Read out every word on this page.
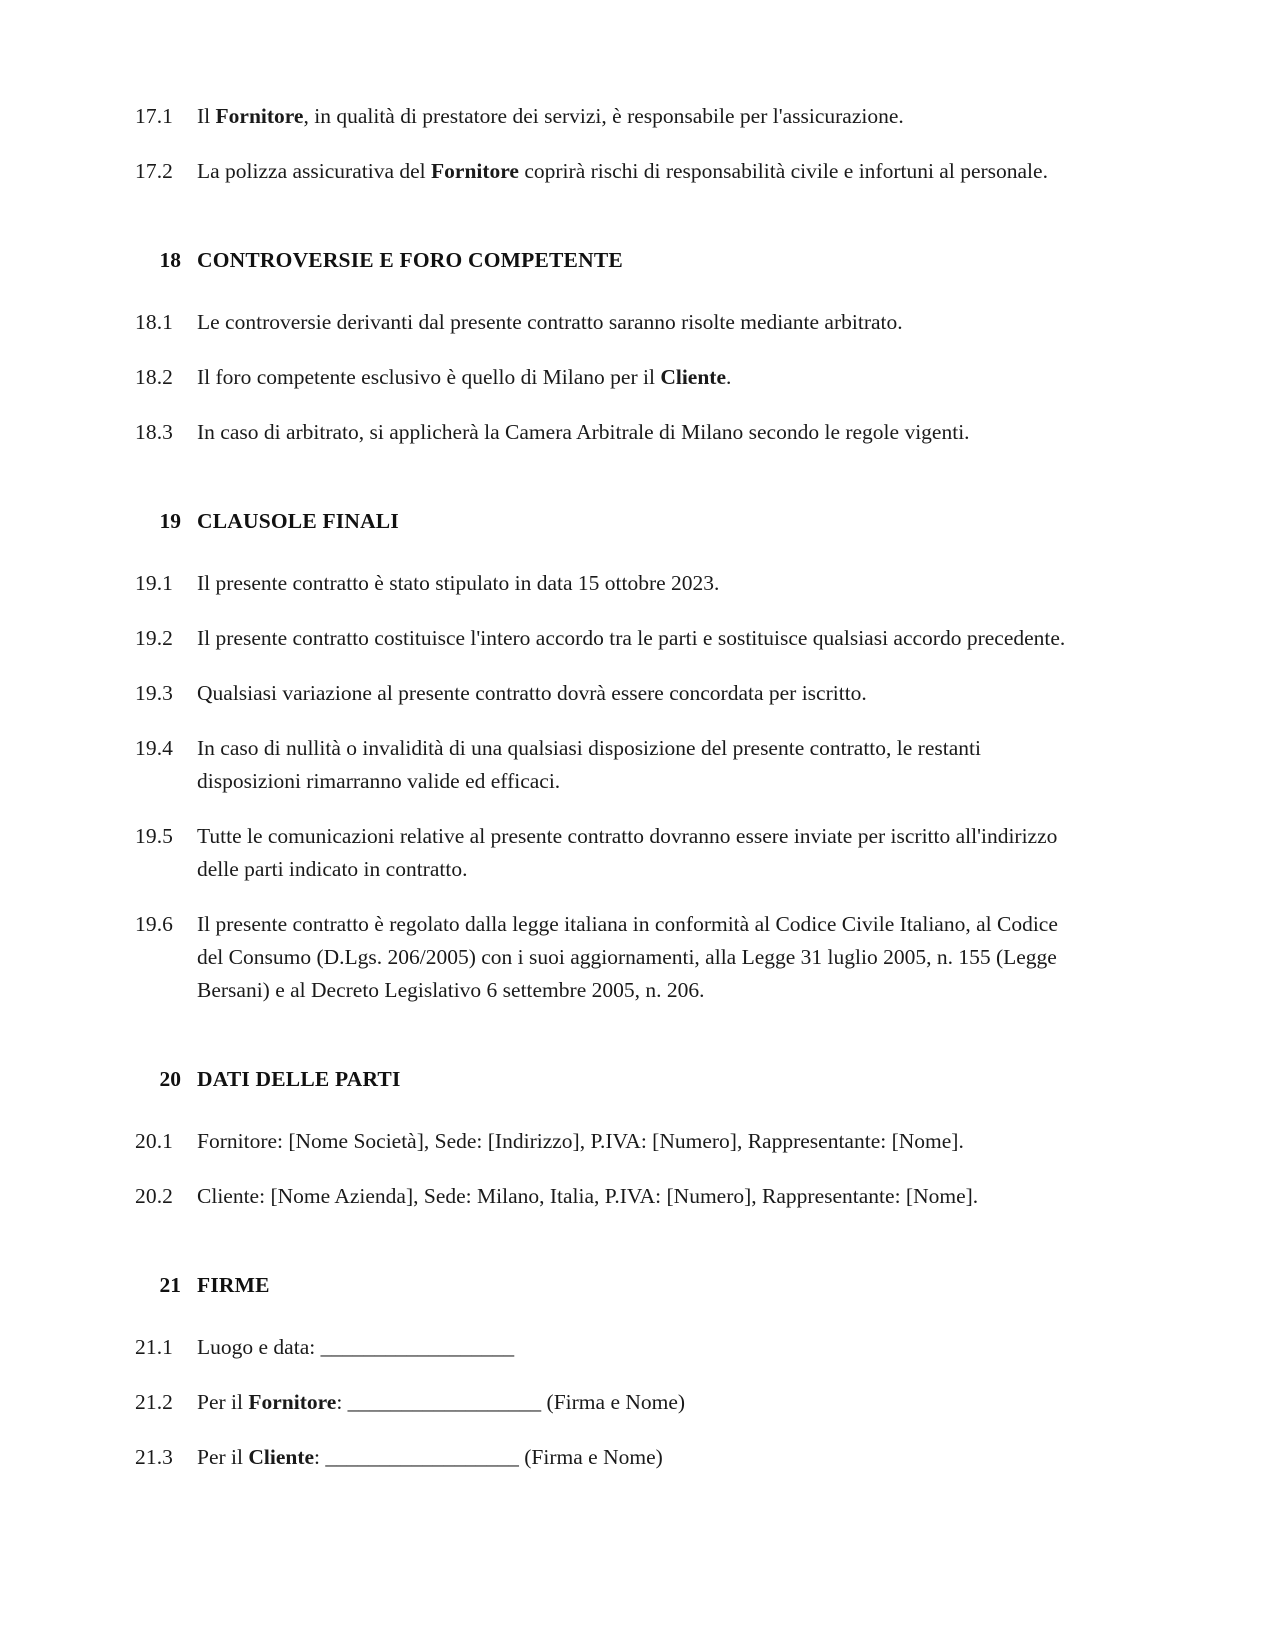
17.1	Il Fornitore, in qualità di prestatore dei servizi, è responsabile per l'assicurazione.
17.2	La polizza assicurativa del Fornitore coprirà rischi di responsabilità civile e infortuni al personale.
18 CONTROVERSIE E FORO COMPETENTE
18.1	Le controversie derivanti dal presente contratto saranno risolte mediante arbitrato.
18.2	Il foro competente esclusivo è quello di Milano per il Cliente.
18.3	In caso di arbitrato, si applicherà la Camera Arbitrale di Milano secondo le regole vigenti.
19 CLAUSOLE FINALI
19.1	Il presente contratto è stato stipulato in data 15 ottobre 2023.
19.2	Il presente contratto costituisce l'intero accordo tra le parti e sostituisce qualsiasi accordo precedente.
19.3	Qualsiasi variazione al presente contratto dovrà essere concordata per iscritto.
19.4	In caso di nullità o invalidità di una qualsiasi disposizione del presente contratto, le restanti disposizioni rimarranno valide ed efficaci.
19.5	Tutte le comunicazioni relative al presente contratto dovranno essere inviate per iscritto all'indirizzo delle parti indicato in contratto.
19.6	Il presente contratto è regolato dalla legge italiana in conformità al Codice Civile Italiano, al Codice del Consumo (D.Lgs. 206/2005) con i suoi aggiornamenti, alla Legge 31 luglio 2005, n. 155 (Legge Bersani) e al Decreto Legislativo 6 settembre 2005, n. 206.
20 DATI DELLE PARTI
20.1	Fornitore: [Nome Società], Sede: [Indirizzo], P.IVA: [Numero], Rappresentante: [Nome].
20.2	Cliente: [Nome Azienda], Sede: Milano, Italia, P.IVA: [Numero], Rappresentante: [Nome].
21 FIRME
21.1	Luogo e data: __________________
21.2	Per il Fornitore: __________________ (Firma e Nome)
21.3	Per il Cliente: __________________ (Firma e Nome)
